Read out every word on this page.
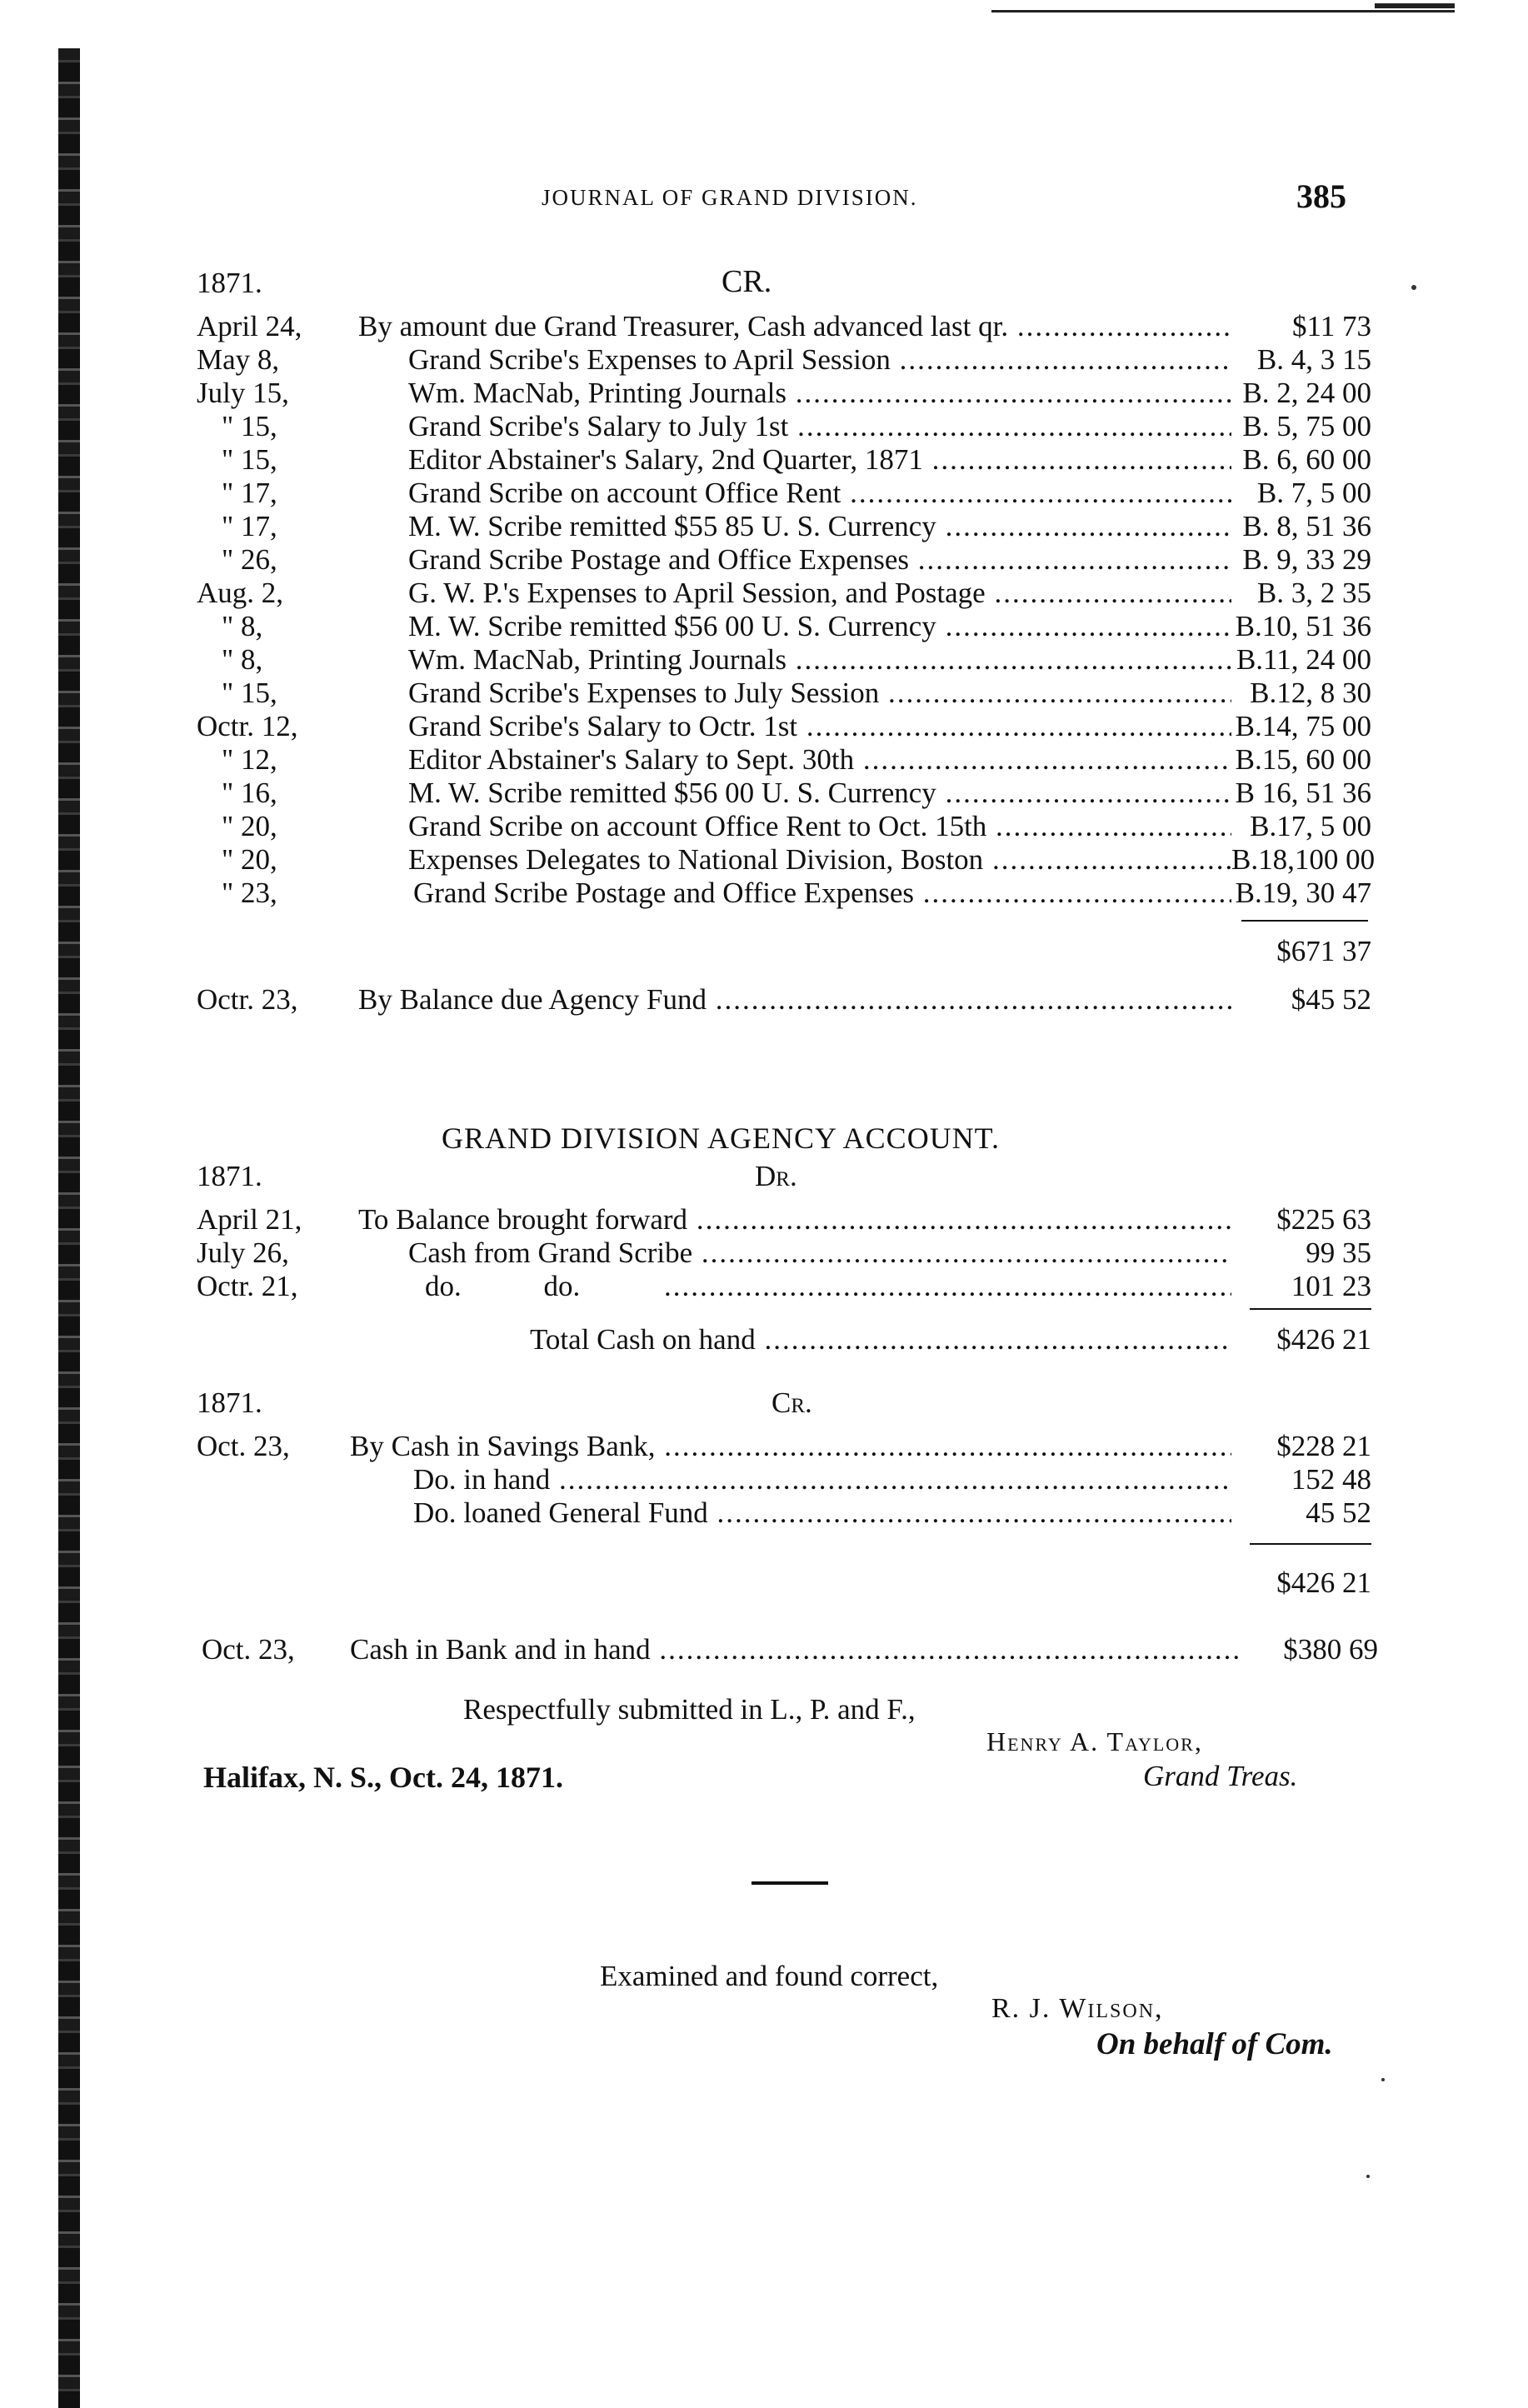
JOURNAL OF GRAND DIVISION.	385
1871.	CR.
April 24,	By amount due Grand Treasurer, Cash advanced last qr. .....	$11 73
May 8,	Grand Scribe's Expenses to April Session .....	B. 4, 3 15
July 15,	Wm. MacNab, Printing Journals .....	B. 2, 24 00
" 15,	Grand Scribe's Salary to July 1st .....	B. 5, 75 00
" 15,	Editor Abstainer's Salary, 2nd Quarter, 1871 .....	B. 6, 60 00
" 17,	Grand Scribe on account Office Rent .....	B. 7, 5 00
" 17,	M. W. Scribe remitted $55 85 U. S. Currency .....	B. 8, 51 36
" 26,	Grand Scribe Postage and Office Expenses .....	B. 9, 33 29
Aug. 2,	G. W. P.'s Expenses to April Session, and Postage .....	B. 3, 2 35
" 8,	M. W. Scribe remitted $56 00 U. S. Currency .....	B.10, 51 36
" 8,	Wm. MacNab, Printing Journals .....	B.11, 24 00
" 15,	Grand Scribe's Expenses to July Session .....	B.12, 8 30
Octr. 12,	Grand Scribe's Salary to Octr. 1st .....	B.14, 75 00
" 12,	Editor Abstainer's Salary to Sept. 30th .....	B.15, 60 00
" 16,	M. W. Scribe remitted $56 00 U. S. Currency .....	B 16, 51 36
" 20,	Grand Scribe on account Office Rent to Oct. 15th .....	B.17, 5 00
" 20,	Expenses Delegates to National Division, Boston .....	B.18,100 00
" 23,	Grand Scribe Postage and Office Expenses .....	B.19, 30 47
$671 37
Octr. 23,	By Balance due Agency Fund .....	$45 52
GRAND DIVISION AGENCY ACCOUNT.
1871.	Dr.
April 21,	To Balance brought forward .....	$225 63
July 26,	Cash from Grand Scribe .....	99 35
Octr. 21,	do. do. .....	101 23
Total Cash on hand .....	$426 21
1871.	Cr.
Oct. 23,	By Cash in Savings Bank, .....	$228 21
Do. in hand .....	152 48
Do. loaned General Fund .....	45 52
$426 21
Oct. 23,	Cash in Bank and in hand .....	$380 69
Respectfully submitted in L., P. and F.,
Henry A. Taylor,
Halifax, N. S., Oct. 24, 1871.	Grand Treas.
Examined and found correct,
R. J. Wilson,
On behalf of Com.
